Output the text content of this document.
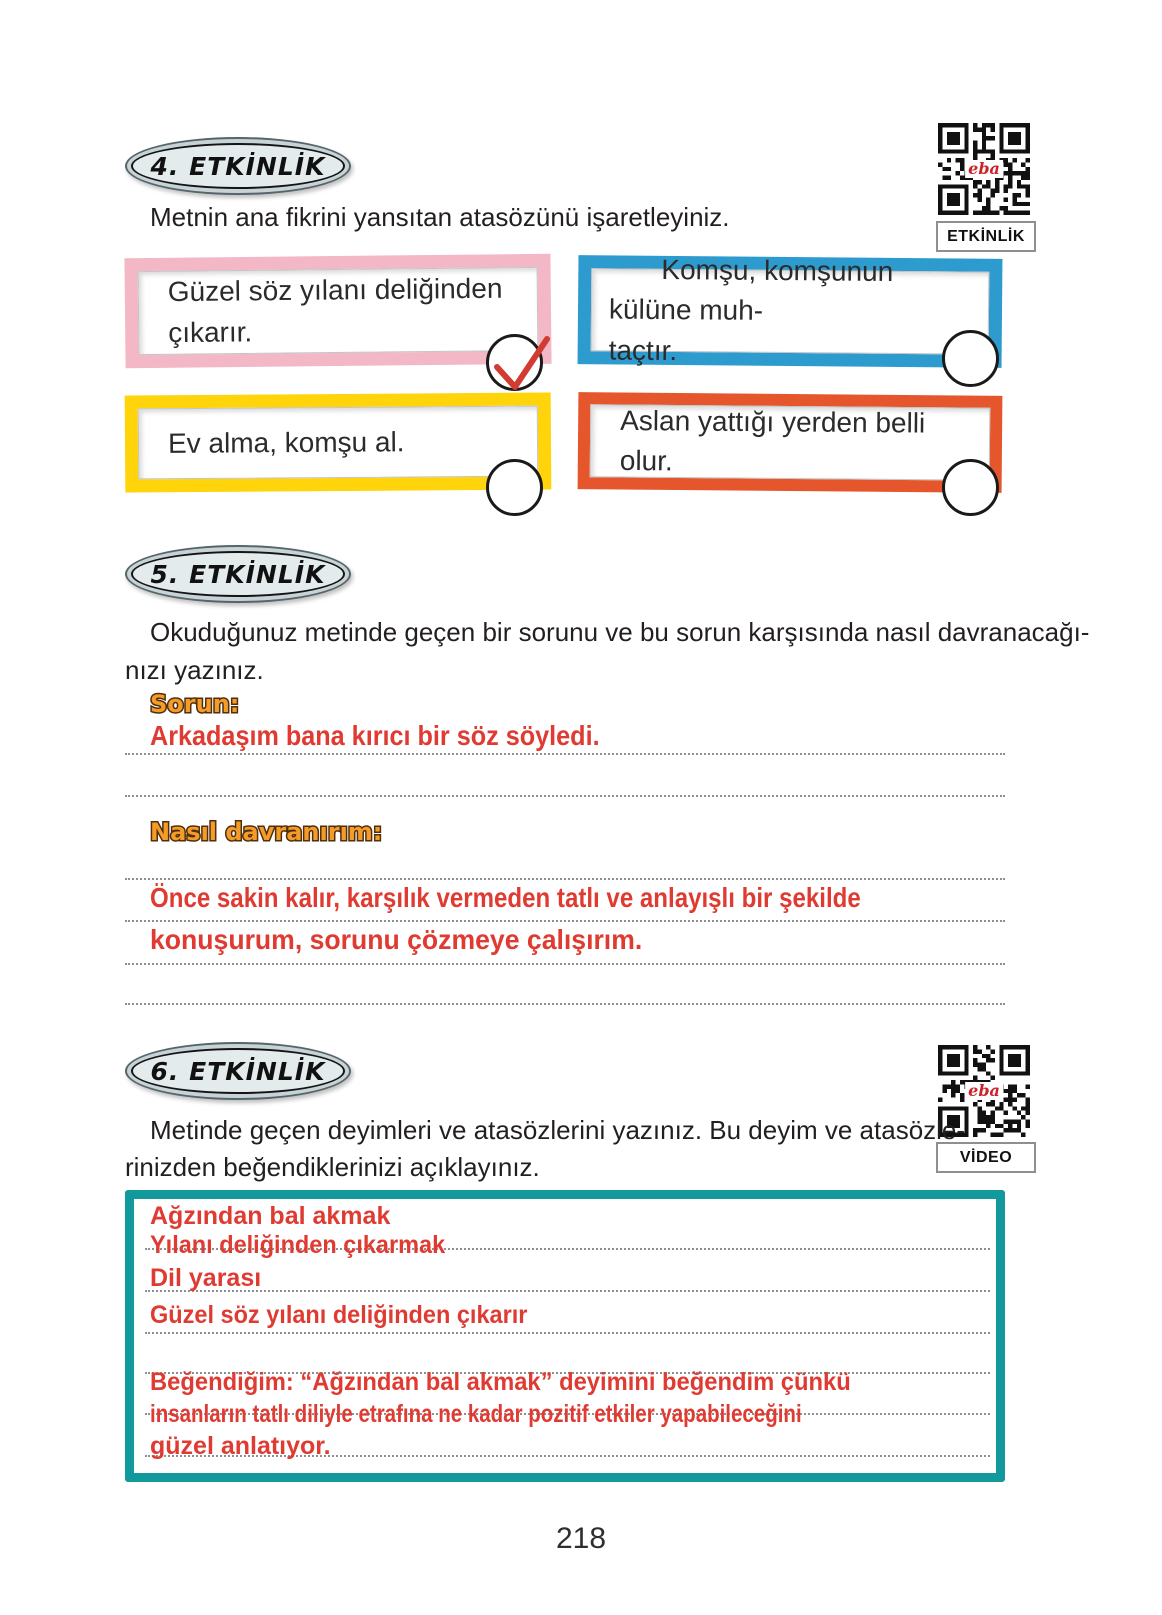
4. ETKİNLİK	eba
ETKİNLİK
Metnin ana fikrini yansıtan atasözünü işaretleyiniz.
Güzel söz yılanı deliğinden çıkarır.
Komşu, komşunun külüne muh-
taçtır.
Ev alma, komşu al.
Aslan yattığı yerden belli olur.
5. ETKİNLİK
Okuduğunuz metinde geçen bir sorunu ve bu sorun karşısında nasıl davranacağı-
nızı yazınız.
Sorun:
Arkadaşım bana kırıcı bir söz söyledi.
Nasıl davranırım:
Önce sakin kalır, karşılık vermeden tatlı ve anlayışlı bir şekilde
konuşurum, sorunu çözmeye çalışırım.
6. ETKİNLİK
eba
VİDEO
Metinde geçen deyimleri ve atasözlerini yazınız. Bu deyim ve atasözle-
rinizden beğendiklerinizi açıklayınız.
Ağzından bal akmak
Yılanı deliğinden çıkarmak
Dil yarası
Güzel söz yılanı deliğinden çıkarır
Beğendiğim: “Ağzından bal akmak” deyimini beğendim çünkü
insanların tatlı diliyle etrafına ne kadar pozitif etkiler yapabileceğini
güzel anlatıyor.
218
